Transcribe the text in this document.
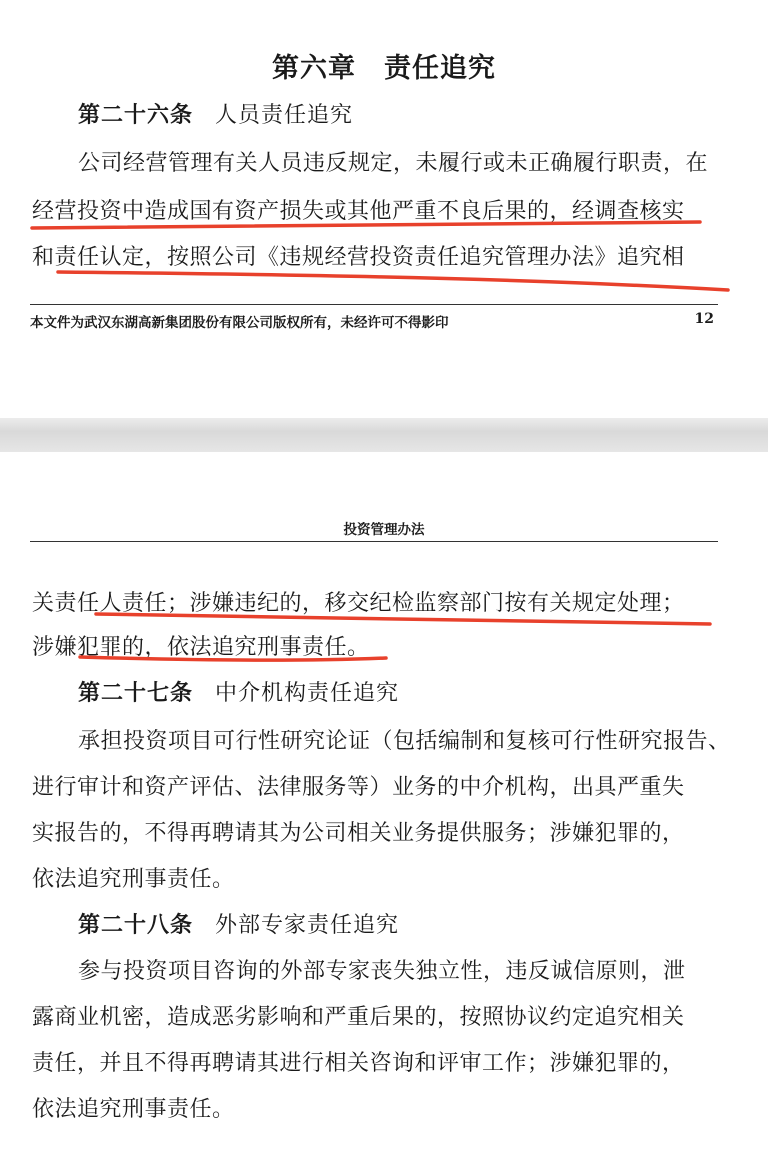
第六章　责任追究
第二十六条 人员责任追究
公司经营管理有关人员违反规定，未履行或未正确履行职责，在
经营投资中造成国有资产损失或其他严重不良后果的，经调查核实
和责任认定，按照公司《违规经营投资责任追究管理办法》追究相
本文件为武汉东湖高新集团股份有限公司版权所有，未经许可不得影印	12
投资管理办法
关责任人责任；涉嫌违纪的，移交纪检监察部门按有关规定处理；
涉嫌犯罪的，依法追究刑事责任。
第二十七条 中介机构责任追究
承担投资项目可行性研究论证（包括编制和复核可行性研究报告、
进行审计和资产评估、法律服务等）业务的中介机构，出具严重失
实报告的，不得再聘请其为公司相关业务提供服务；涉嫌犯罪的，
依法追究刑事责任。
第二十八条 外部专家责任追究
参与投资项目咨询的外部专家丧失独立性，违反诚信原则，泄
露商业机密，造成恶劣影响和严重后果的，按照协议约定追究相关
责任，并且不得再聘请其进行相关咨询和评审工作；涉嫌犯罪的，
依法追究刑事责任。
